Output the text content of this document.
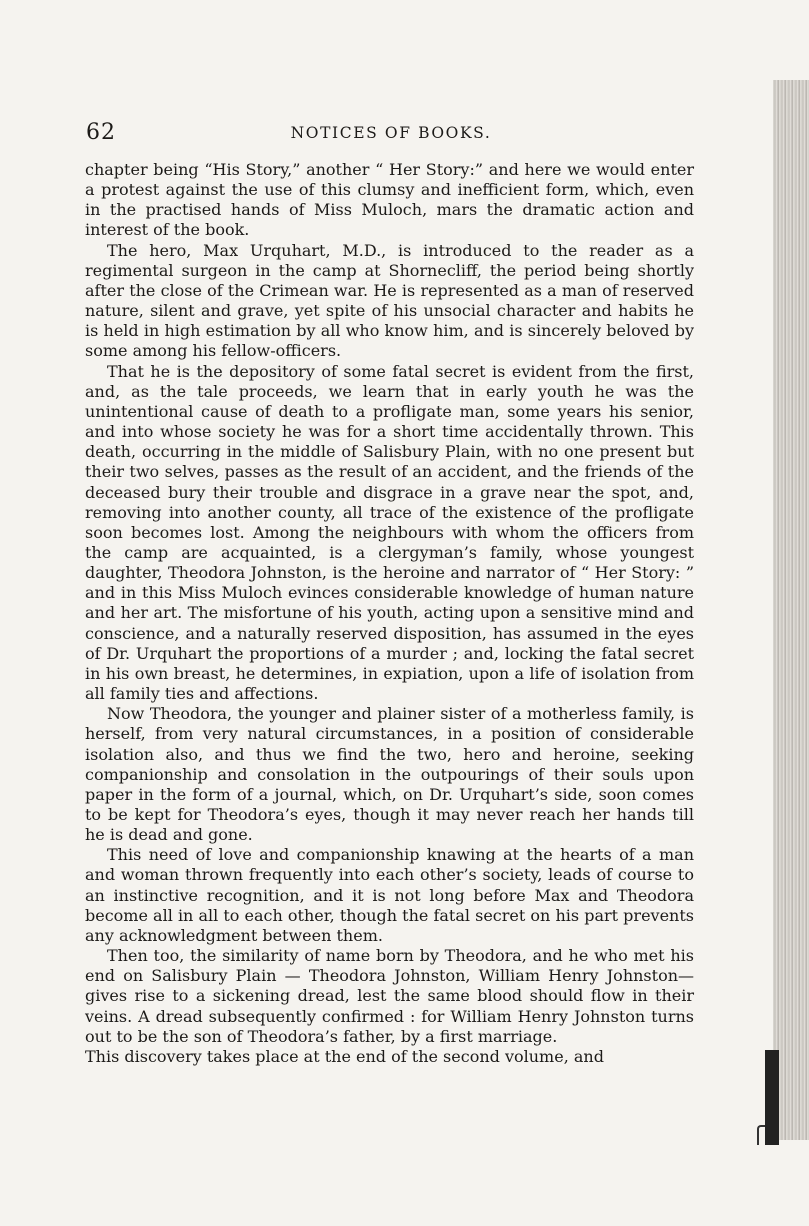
62	NOTICES OF BOOKS.

chapter being “His Story,” another “ Her Story:” and here we would enter a protest against the use of this clumsy and inefficient form, which, even in the practised hands of Miss Muloch, mars the dramatic action and interest of the book.

The hero, Max Urquhart, M.D., is introduced to the reader as a regimental surgeon in the camp at Shornecliff, the period being shortly after the close of the Crimean war. He is represented as a man of reserved nature, silent and grave, yet spite of his unsocial character and habits he is held in high estimation by all who know him, and is sincerely beloved by some among his fellow-officers.

That he is the depository of some fatal secret is evident from the first, and, as the tale proceeds, we learn that in early youth he was the unintentional cause of death to a profligate man, some years his senior, and into whose society he was for a short time accidentally thrown. This death, occurring in the middle of Salisbury Plain, with no one present but their two selves, passes as the result of an accident, and the friends of the deceased bury their trouble and disgrace in a grave near the spot, and, removing into another county, all trace of the existence of the profligate soon becomes lost. Among the neighbours with whom the officers from the camp are acquainted, is a clergyman’s family, whose youngest daughter, Theodora Johnston, is the heroine and narrator of “ Her Story: ” and in this Miss Muloch evinces considerable knowledge of human nature and her art. The misfortune of his youth, acting upon a sensitive mind and conscience, and a naturally reserved disposition, has assumed in the eyes of Dr. Urquhart the proportions of a murder ; and, locking the fatal secret in his own breast, he determines, in expiation, upon a life of isolation from all family ties and affections.

Now Theodora, the younger and plainer sister of a motherless family, is herself, from very natural circumstances, in a position of considerable isolation also, and thus we find the two, hero and heroine, seeking companionship and consolation in the outpourings of their souls upon paper in the form of a journal, which, on Dr. Urquhart’s side, soon comes to be kept for Theodora’s eyes, though it may never reach her hands till he is dead and gone.

This need of love and companionship knawing at the hearts of a man and woman thrown frequently into each other’s society, leads of course to an instinctive recognition, and it is not long before Max and Theodora become all in all to each other, though the fatal secret on his part prevents any acknowledgment between them.

Then too, the similarity of name born by Theodora, and he who met his end on Salisbury Plain — Theodora Johnston, William Henry Johnston—gives rise to a sickening dread, lest the same blood should flow in their veins. A dread subsequently confirmed : for William Henry Johnston turns out to be the son of Theodora’s father, by a first marriage.

This discovery takes place at the end of the second volume, and
